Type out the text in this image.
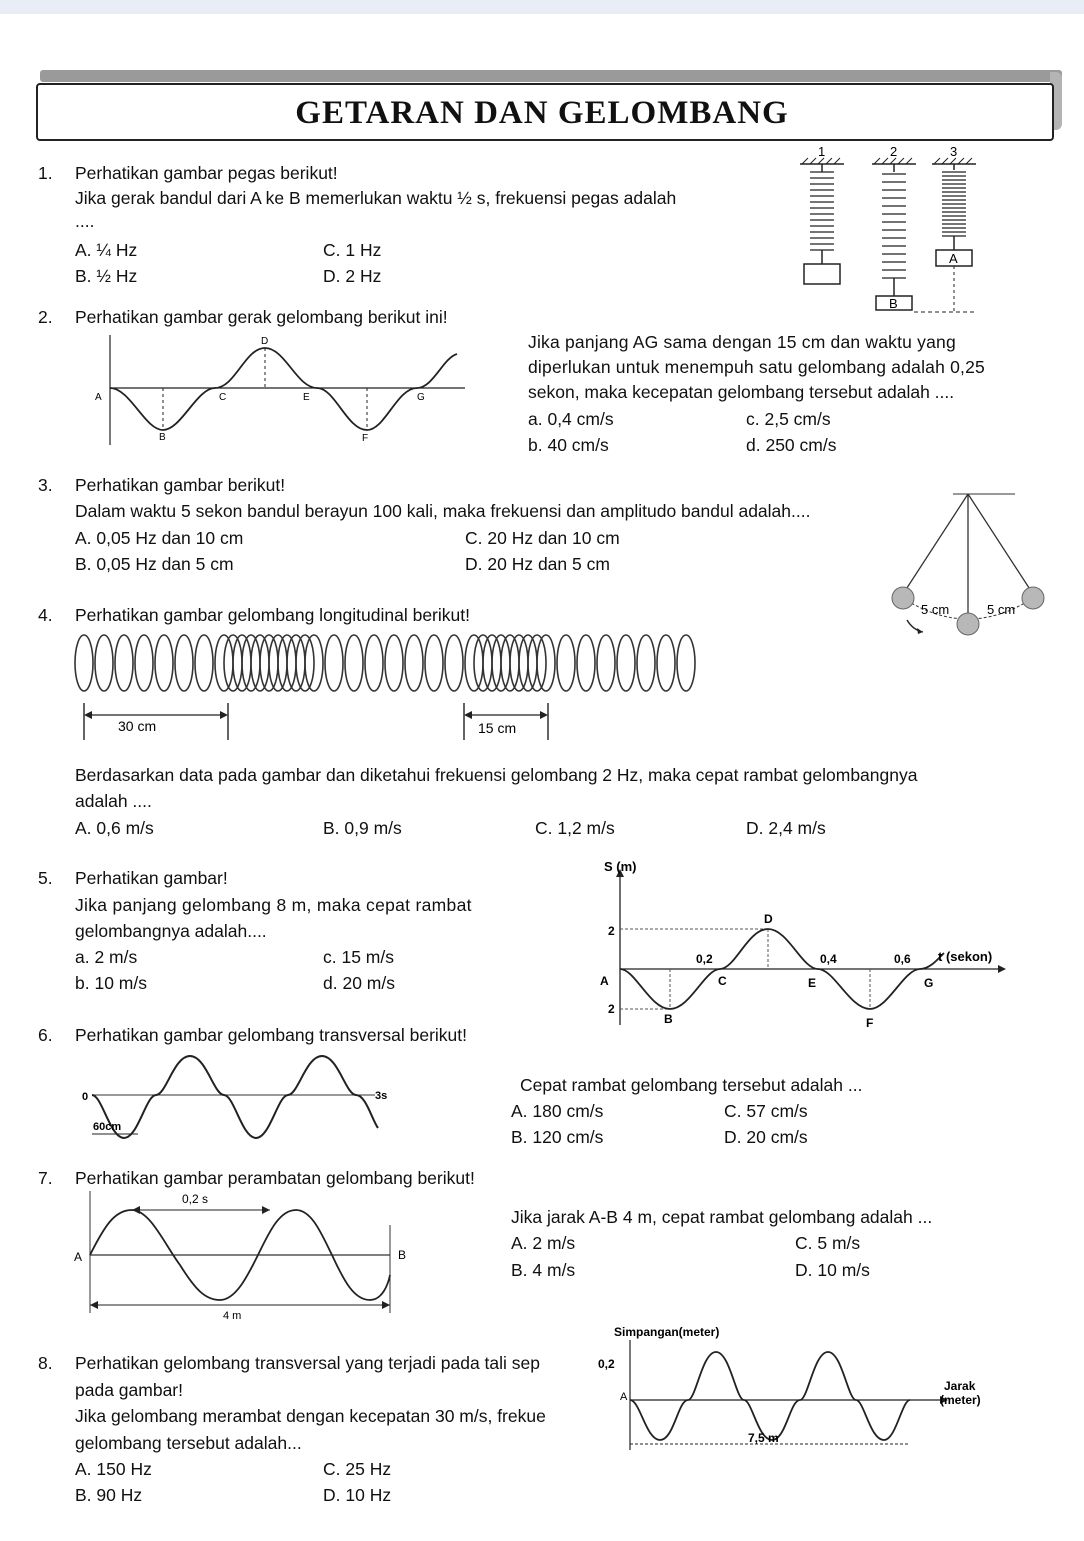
GETARAN DAN GELOMBANG
1. Perhatikan gambar pegas berikut!
Jika gerak bandul dari A ke B memerlukan waktu ½ s, frekuensi pegas adalah
....
A. ¼ Hz
B. ½ Hz
C. 1 Hz
D. 2 Hz
1	2	3
A
B
2. Perhatikan gambar gerak gelombang berikut ini!
Jika panjang AG sama dengan 15 cm dan waktu yang
diperlukan untuk menempuh satu gelombang adalah 0,25
sekon, maka kecepatan gelombang tersebut adalah ....
a. 0,4 cm/s
b. 40 cm/s
c. 2,5 cm/s
d. 250 cm/s
A
B
C
D
E
F
G
3. Perhatikan gambar berikut!
Dalam waktu 5 sekon bandul berayun 100 kali, maka frekuensi dan amplitudo bandul adalah....
A. 0,05 Hz dan 10 cm
B. 0,05 Hz dan 5 cm
C. 20 Hz dan 10 cm
D. 20 Hz dan 5 cm
5 cm	5 cm
4. Perhatikan gambar gelombang longitudinal berikut!
30 cm	15 cm
Berdasarkan data pada gambar dan diketahui frekuensi gelombang 2 Hz, maka cepat rambat gelombangnya
adalah ....
A. 0,6 m/s	B. 0,9 m/s	C. 1,2 m/s	D. 2,4 m/s
5. Perhatikan gambar!
Jika panjang gelombang 8 m, maka cepat rambat
gelombangnya adalah....
a. 2 m/s
b. 10 m/s
c. 15 m/s
d. 20 m/s
S (m)
t (sekon)
2
2
0,2	0,4	0,6
A
B
C
D
E
F
G
6. Perhatikan gambar gelombang transversal berikut!
Cepat rambat gelombang tersebut adalah ...
A. 180 cm/s
B. 120 cm/s
C. 57 cm/s
D. 20 cm/s
0	3s
60cm
7. Perhatikan gambar perambatan gelombang berikut!
Jika jarak A-B 4 m, cepat rambat gelombang adalah ...
A. 2 m/s
B. 4 m/s
C. 5 m/s
D. 10 m/s
0,2 s
A	B
4 m
8. Perhatikan gelombang transversal yang terjadi pada tali sep
pada gambar!
Jika gelombang merambat dengan kecepatan 30 m/s, frekuе
gelombang tersebut adalah...
A. 150 Hz
B. 90 Hz
C. 25 Hz
D. 10 Hz
Simpangan(meter)
0,2
A
Jarak
(meter)
7,5 m
